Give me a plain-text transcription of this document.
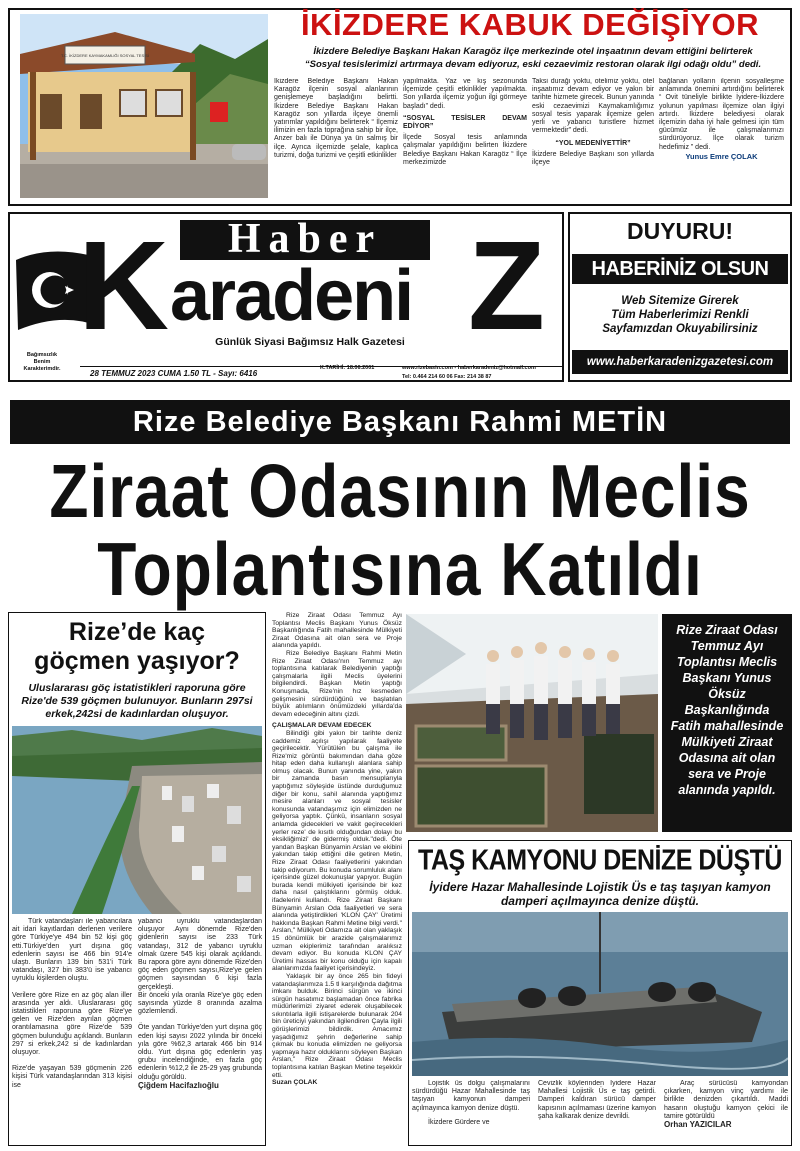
T.C. İKİZDERE KAYMAKAMLIĞI SOSYAL TESİSİ
İKİZDERE KABUK DEĞİŞİYOR
İkizdere Belediye Başkanı Hakan Karagöz ilçe merkezinde otel inşaatının devam ettiğini belirterek
“Sosyal tesislerimizi artırmaya devam ediyoruz, eski cezaevimiz restoran olarak ilgi odağı oldu” dedi.
İkizdere Belediye Başkanı Hakan Karagöz ilçenin sosyal alanlarının genişlemeye başladığını belirtti. İkizdere Belediye Başkanı Hakan Karagöz son yıllarda ilçeye önemli yatırımlar yapıldığını belirterek “ İlçemiz ilimizin en fazla toprağına sahip bir ilçe, Anzer balı ile Dünya ya ün salmış bir ilçe. Ayrıca ilçemizde şelale, kaplıca turizmi, doğa turizmi ve çeşitli etkinlikler
yapılmakta. Yaz ve kış sezonunda ilçemizde çeşitli etkinlikler yapılmakta. Son yıllarda ilçemiz yoğun ilgi görmeye başladı” dedi.
“SOSYAL TESİSLER DEVAM EDİYOR”
İlçede Sosyal tesis anlamında çalışmalar yapıldığını belirten İkizdere Belediye Başkanı Hakan Karagöz “ İlçe merkezimizde
Taksi durağı yoktu, otelimiz yoktu, otel inşaatımız devam ediyor ve yakın bir tarihte hizmete girecek. Bunun yanında eski cezaevimizi Kaymakamlığımız sosyal tesis yaparak ilçemize gelen yerli ve yabancı turistlere hizmet vermektedir” dedi.
“YOL MEDENİYETTİR”
İkizdere Belediye Başkanı son yıllarda ilçeye
bağlanan yolların ilçenin sosyalleşme anlamında önemini artırdığını belirterek “ Ovit tüneliyle birlikte İyidere-İkizdere yolunun yapılması ilçemize olan ilgiyi artırdı. İkizdere belediyesi olarak ilçemizin daha iyi hale gelmesi için tüm gücümüz ile çalışmalarımızı sürdürüyoruz. İlçe olarak turizm hedefimiz ” dedi.
Yunus Emre ÇOLAK
Bağımsızlık
Benim
Karakterimdir.
Haber
K aradeni Z
Günlük Siyasi Bağımsız Halk Gazetesi
28 TEMMUZ 2023 CUMA 1.50 TL - Sayı: 6416
K.TARİHİ: 18.06.2001	www.rizebasin.com - haberkaradeniz@hotmail.com
Tel: 0.464 214 60 06 Fax: 214 38 87
DUYURU!
HABERİNİZ OLSUN
Web Sitemize Girerek
Tüm Haberlerimizi Renkli
Sayfamızdan Okuyabilirsiniz
www.haberkaradenizgazetesi.com
Rize Belediye Başkanı Rahmi METİN
Ziraat Odasının Meclis
Toplantısına Katıldı
Rize’de kaç
göçmen yaşıyor?
Uluslararası göç istatistikleri raporuna göre Rize'de 539 göçmen bulunuyor. Bunların 297si erkek,242si de kadınlardan oluşuyor.
Türk vatandaşları ile yabancılara ait idari kayıtlardan derlenen verilere göre Türkiye'ye 494 bin 52 kişi göç etti.Türkiye'den yurt dışına göç edenlerin sayısı ise 466 bin 914'e ulaştı. Bunların 139 bin 531'i Türk vatandaşı, 327 bin 383'ü ise yabancı uyruklu kişilerden oluştu.
Verilere göre Rize en az göç alan iller arasında yer aldı. Uluslararası göç istatistikleri raporuna göre Rize'ye gelen ve Rize'den ayrılan göçmen orantılamasına göre Rize'de 539 göçmen bulunduğu açıklandı. Bunların 297 si erkek,242 si de kadınlardan oluşuyor.
Rize'de yaşayan 539 göçmenin 226 kişisi Türk vatandaşlarından 313 kişisi ise
yabancı uyruklu vatandaşlardan oluşuyor .Aynı dönemde Rize'den gidenlerin sayısı ise 233 Türk vatandaşı, 312 de yabancı uyruklu olmak üzere 545 kişi olarak açıklandı. Bu rapora göre aynı dönemde Rize'den göç eden göçmen sayısı,Rize'ye gelen göçmen sayısından 6 kişi fazla gerçekleşti.
Bir önceki yıla oranla Rize'ye göç eden sayısında yüzde 8 oranında azalma gözlemlendi.
Öte yandan Türkiye'den yurt dışına göç eden kişi sayısı 2022 yılında bir önceki yıla göre %62,3 artarak 466 bin 914 oldu. Yurt dışına göç edenlerin yaş grubu incelendiğinde, en fazla göç edenlerin %12,2 ile 25-29 yaş grubunda olduğu görüldü.
Çiğdem Hacifazlıoğlu
Rize Ziraat Odası Temmuz Ayı Toplantısı Meclis Başkanı Yunus Öksüz Başkanlığında Fatih mahallesinde Mülkiyeti Ziraat Odasına ait olan sera ve Proje alanında yapıldı.
Rize Belediye Başkanı Rahmi Metin Rize Ziraat Odası'nın Temmuz ayı toplantısına katılarak Belediyenin yaptığı çalışmalarla ilgili Meclis üyelerini bilgilendirdi. Başkan Metin yaptığı Konuşmada, Rize'nin hız kesmeden gelişmesini sürdürdüğünü ve başlatılan büyük atılımların önümüzdeki yıllarda'da devam edeceğinin altını çizdi.
ÇALIŞMALAR DEVAM EDECEK
Bilindiği gibi yakın bir tarihte deniz caddemiz açılışı yapılarak faaliyete geçirilecektir. Yürütülen bu çalışma ile Rize'miz görüntü bakımından daha göze hitap eden daha kullanışlı alanlara sahip olmuş olacak. Bunun yanında yine, yakın bir zamanda basın mensuplarıyla yaptığımız söyleşide üstünde durduğumuz diğer bir konu, sahil alanında yaptığımız mesire alanları ve sosyal tesisler konusunda vatandaşımız için elimizden ne geliyorsa yaptık. Çünkü, insanların sosyal anlamda gidecekleri ve vakit geçirecekleri yerler reze' de kısıtlı olduğundan dolayı bu eksikliğimizi' de gidermiş olduk."dedi. Öte yandan Başkan Bünyamin Arslan ve ekibini yakından takip ettiğini dile getiren Metin, Rize Ziraat Odası faaliyetlerini yakından takip ediyorum. Bu konuda sorumluluk alanı içerisinde güzel dokunuşlar yapıyor. Bugün burada kendi mülkiyeti içerisinde bir kez daha nasıl çalıştıklarını görmüş olduk. ifadelerini kullandı. Rize Ziraat Başkanı Bünyamin Arslan Oda faaliyetleri ve sera alanında yetiştirdikleri 'KLON ÇAY' Üretimi hakkında Başkan Rahmi Metine bilgi verdi." Arslan," Mülkiyeti Odamıza ait olan yaklaşık 15 dönümlük bir arazide çalışmalarımız uzman ekiplerimiz tarafından aralıksız devam ediyor. Bu konuda KLON ÇAY Üretimi hassas bir konu olduğu için kapalı alanlarımızda faaliyet içerisindeyiz.
Yaklaşık bir ay önce 265 bin fideyi vatandaşlarımıza 1.5 tl karşılığında dağıtma imkanı bulduk. Birinci sürgün ve ikinci sürgün hasatımız başlamadan önce fabrika müdürlerimizi ziyaret ederek oluşabilecek sıkıntılarla ilgili istişarelerde bulunarak 204 bin üreticiyi yakından ilgilendiren Çayla ilgili görüşlerimizi bildirdik. Amacımız yaşadığımız şehrin değerlerine sahip çıkmak bu konuda elimizden ne geliyorsa yapmaya hazır olduklarını söyleyen Başkan Arslan," Rize Ziraat Odası Meclis toplantısına katılan Başkan Metine teşekkür etti.
Suzan ÇOLAK
Rize Ziraat Odası Temmuz Ayı Toplantısı Meclis Başkanı Yunus Öksüz Başkanlığında Fatih mahallesinde Mülkiyeti Ziraat Odasına ait olan sera ve Proje alanında yapıldı.
TAŞ KAMYONU DENİZE DÜŞTÜ
İyidere Hazar Mahallesinde Lojistik Üs e taş taşıyan kamyon damperi açılmayınca denize düştü.
Lojistik üs dolgu çalışmalarını sürdürdüğü Hazar Mahallesinde taş taşıyan kamyonun damperi açılmayınca kamyon denize düştü.
İkizdere Gürdere ve
Cevizlik köylerinden İyidere Hazar Mahallesi Lojistik Üs e taş getirdi. Damperi kaldıran sürücü damper kapısının açılmaması üzerine kamyon şaha kalkarak denize devrildi.
Araç sürücüsü kamyondan çıkarken, kamyon vinç yardımı ile birlikte denizden çıkartıldı. Maddi hasarın oluştuğu kamyon çekici ile tamire götürüldü
Orhan YAZICILAR
